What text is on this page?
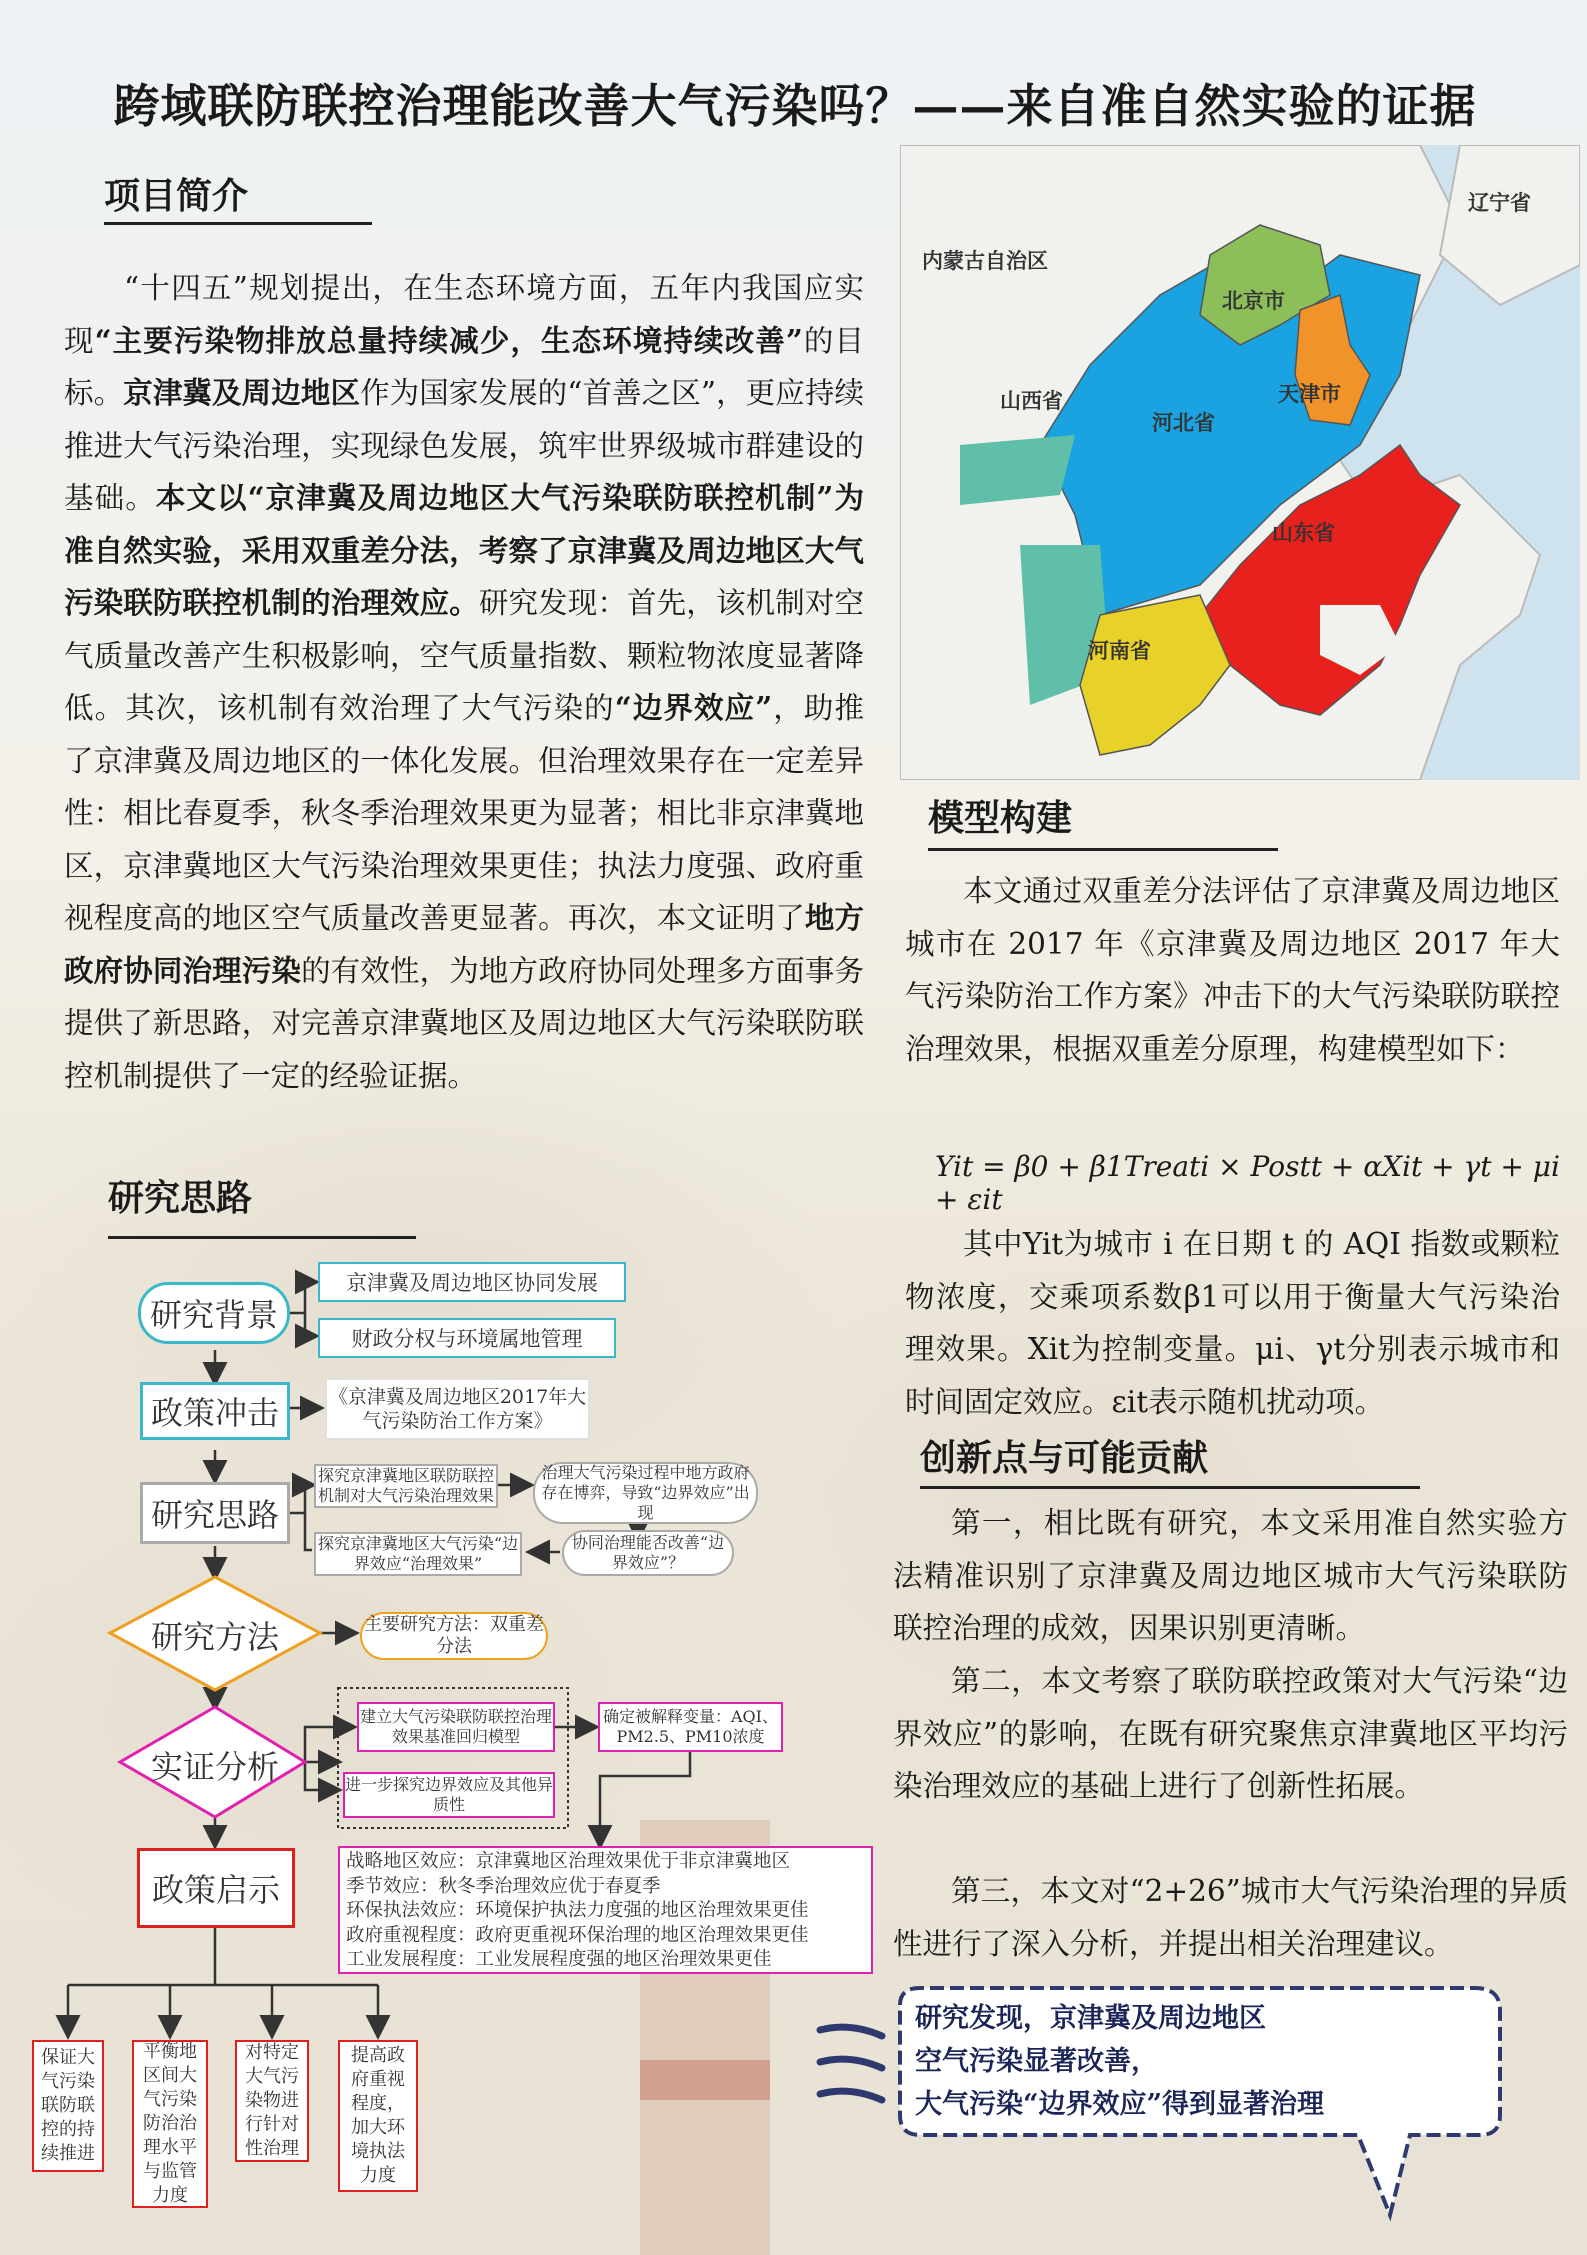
跨域联防联控治理能改善大气污染吗？——来自准自然实验的证据
项目简介
“十四五”规划提出，在生态环境方面，五年内我国应实现“主要污染物排放总量持续减少，生态环境持续改善”的目标。京津冀及周边地区作为国家发展的“首善之区”，更应持续推进大气污染治理，实现绿色发展，筑牢世界级城市群建设的基础。本文以“京津冀及周边地区大气污染联防联控机制”为准自然实验，采用双重差分法，考察了京津冀及周边地区大气污染联防联控机制的治理效应。研究发现：首先，该机制对空气质量改善产生积极影响，空气质量指数、颗粒物浓度显著降低。其次，该机制有效治理了大气污染的“边界效应”，助推了京津冀及周边地区的一体化发展。但治理效果存在一定差异性：相比春夏季，秋冬季治理效果更为显著；相比非京津冀地区，京津冀地区大气污染治理效果更佳；执法力度强、政府重视程度高的地区空气质量改善更显著。再次，本文证明了地方政府协同治理污染的有效性，为地方政府协同处理多方面事务提供了新思路，对完善京津冀地区及周边地区大气污染联防联控机制提供了一定的经验证据。
内蒙古自治区
辽宁省
北京市
天津市
山西省
河北省
山东省
河南省
模型构建
本文通过双重差分法评估了京津冀及周边地区城市在 2017 年《京津冀及周边地区 2017 年大气污染防治工作方案》冲击下的大气污染联防联控治理效果，根据双重差分原理，构建模型如下：
Yit = β0 + β1Treati × Postt + αXit + γt + μi + εit
其中Yit为城市 i 在日期 t 的 AQI 指数或颗粒物浓度，交乘项系数β1可以用于衡量大气污染治理效果。Xit为控制变量。μi、γt分别表示城市和时间固定效应。εit表示随机扰动项。
创新点与可能贡献
第一，相比既有研究，本文采用准自然实验方法精准识别了京津冀及周边地区城市大气污染联防联控治理的成效，因果识别更清晰。
第二，本文考察了联防联控政策对大气污染“边界效应”的影响，在既有研究聚焦京津冀地区平均污染治理效应的基础上进行了创新性拓展。
第三，本文对“2+26”城市大气污染治理的异质性进行了深入分析，并提出相关治理建议。
研究发现，京津冀及周边地区
空气污染显著改善，
大气污染“边界效应”得到显著治理
研究思路
研究背景
京津冀及周边地区协同发展
财政分权与环境属地管理
政策冲击	《京津冀及周边地区2017年大气污染防治工作方案》
研究思路
探究京津冀地区联防联控机制对大气污染治理效果
治理大气污染过程中地方政府存在博弈，导致“边界效应”出现
探究京津冀地区大气污染“边界效应“治理效果”
协同治理能否改善“边界效应”？
研究方法	主要研究方法：双重差分法
实证分析
建立大气污染联防联控治理效果基准回归模型
进一步探究边界效应及其他异质性
确定被解释变量：AQI、PM2.5、PM10浓度
政策启示
战略地区效应：京津冀地区治理效果优于非京津冀地区
季节效应：秋冬季治理效应优于春夏季
环保执法效应：环境保护执法力度强的地区治理效果更佳
政府重视程度：政府更重视环保治理的地区治理效果更佳
工业发展程度：工业发展程度强的地区治理效果更佳
保证大气污染联防联控的持续推进
平衡地区间大气污染防治治理水平与监管力度
对特定大气污染物进行针对性治理
提高政府重视程度，加大环境执法力度
